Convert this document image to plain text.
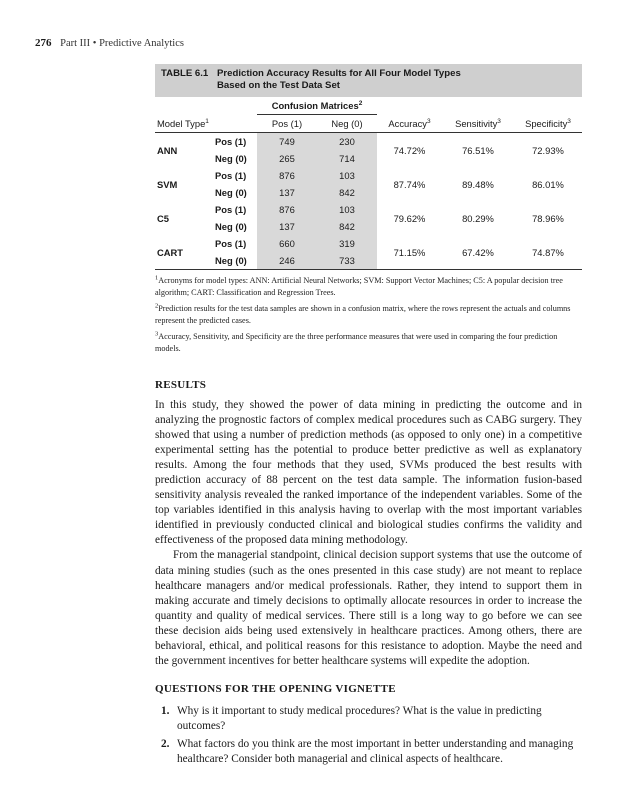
276 Part III • Predictive Analytics
TABLE 6.1 Prediction Accuracy Results for All Four Model Types
Based on the Test Data Set
		Confusion Matrices$^2$			
Model Type$^1$		Pos (1)	Neg (0)	Accuracy$^3$	Sensitivity$^3$	Specificity$^3$
ANN	Pos (1)	749	230	74.72%	76.51%	72.93%
	Neg (0)	265	714			
SVM	Pos (1)	876	103	87.74%	89.48%	86.01%
	Neg (0)	137	842			
C5	Pos (1)	876	103	79.62%	80.29%	78.96%
	Neg (0)	137	842			
CART	Pos (1)	660	319	71.15%	67.42%	74.87%
	Neg (0)	246	733			

$^1$Acronyms for model types: ANN: Artificial Neural Networks; SVM: Support Vector Machines; C5: A popular decision tree algorithm; CART: Classification and Regression Trees.

$^2$Prediction results for the test data samples are shown in a confusion matrix, where the rows represent the actuals and columns represent the predicted cases.

$^3$Accuracy, Sensitivity, and Specificity are the three performance measures that were used in comparing the four prediction models.

RESULTS

In this study, they showed the power of data mining in predicting the outcome and in analyzing the prognostic factors of complex medical procedures such as CABG surgery. They showed that using a number of prediction methods (as opposed to only one) in a competitive experimental setting has the potential to produce better predictive as well as explanatory results. Among the four methods that they used, SVMs produced the best results with prediction accuracy of 88 percent on the test data sample. The information fusion-based sensitivity analysis revealed the ranked importance of the independent variables. Some of the top variables identified in this analysis having to overlap with the most important variables identified in previously conducted clinical and biological studies confirms the validity and effectiveness of the proposed data mining methodology.

From the managerial standpoint, clinical decision support systems that use the outcome of data mining studies (such as the ones presented in this case study) are not meant to replace healthcare managers and/or medical professionals. Rather, they intend to support them in making accurate and timely decisions to optimally allocate resources in order to increase the quantity and quality of medical services. There still is a long way to go before we can see these decision aids being used extensively in healthcare practices. Among others, there are behavioral, ethical, and political reasons for this resistance to adoption. Maybe the need and the government incentives for better healthcare systems will expedite the adoption.

QUESTIONS FOR THE OPENING VIGNETTE
1. Why is it important to study medical procedures? What is the value in predicting outcomes?
2. What factors do you think are the most important in better understanding and managing healthcare? Consider both managerial and clinical aspects of healthcare.
